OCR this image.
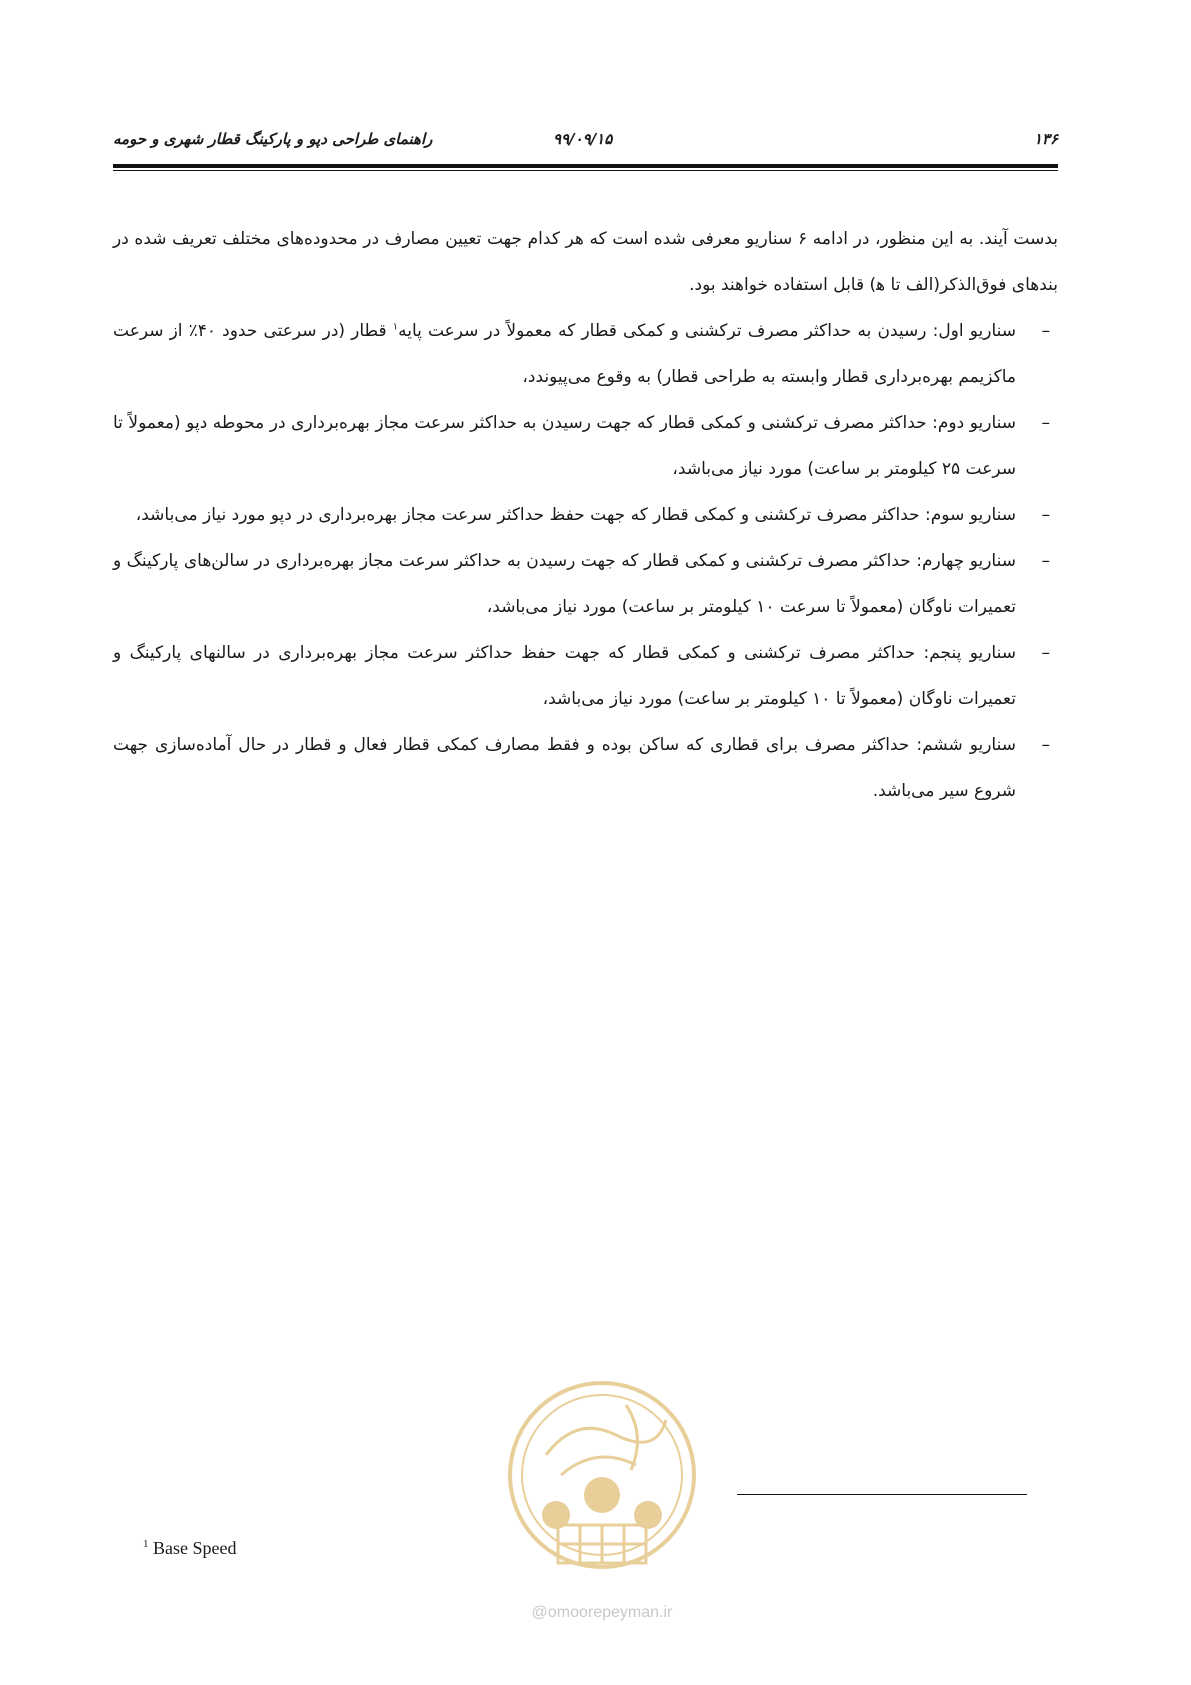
۱۳۶
۹۹/۰۹/۱۵
راهنمای طراحی دپو و پارکینگ قطار شهری و حومه

بدست آیند. به این منظور، در ادامه ۶ سناریو معرفی شده است که هر کدام جهت تعیین مصارف در محدوده‌های مختلف تعریف شده در بندهای فوق‌الذکر(الف تا ﻫ) قابل استفاده خواهند بود.

–
سناریو اول: رسیدن به حداکثر مصرف ترکشنی و کمکی قطار که معمولاً در سرعت پایه$^۱$ قطار (در سرعتی حدود ۴۰٪ از سرعت ماکزیمم بهره‌برداری قطار وابسته به طراحی قطار) به وقوع می‌پیوندد،
–
سناریو دوم: حداکثر مصرف ترکشنی و کمکی قطار که جهت رسیدن به حداکثر سرعت مجاز بهره‌برداری در محوطه دپو (معمولاً تا سرعت ۲۵ کیلومتر بر ساعت) مورد نیاز می‌باشد،
–
سناریو سوم: حداکثر مصرف ترکشنی و کمکی قطار که جهت حفظ حداکثر سرعت مجاز بهره‌برداری در دپو مورد نیاز می‌باشد،
–
سناریو چهارم: حداکثر مصرف ترکشنی و کمکی قطار که جهت رسیدن به حداکثر سرعت مجاز بهره‌برداری در سالن‌های پارکینگ و تعمیرات ناوگان (معمولاً تا سرعت ۱۰ کیلومتر بر ساعت) مورد نیاز می‌باشد،
–
سناریو پنجم: حداکثر مصرف ترکشنی و کمکی قطار که جهت حفظ حداکثر سرعت مجاز بهره‌برداری در سالنهای پارکینگ و تعمیرات ناوگان (معمولاً تا ۱۰ کیلومتر بر ساعت) مورد نیاز می‌باشد،
–
سناریو ششم: حداکثر مصرف برای قطاری که ساکن بوده و فقط مصارف کمکی قطار فعال و قطار در حال آماده‌سازی جهت شروع سیر می‌باشد.
@omoorepeyman.ir
$^1$ Base Speed
